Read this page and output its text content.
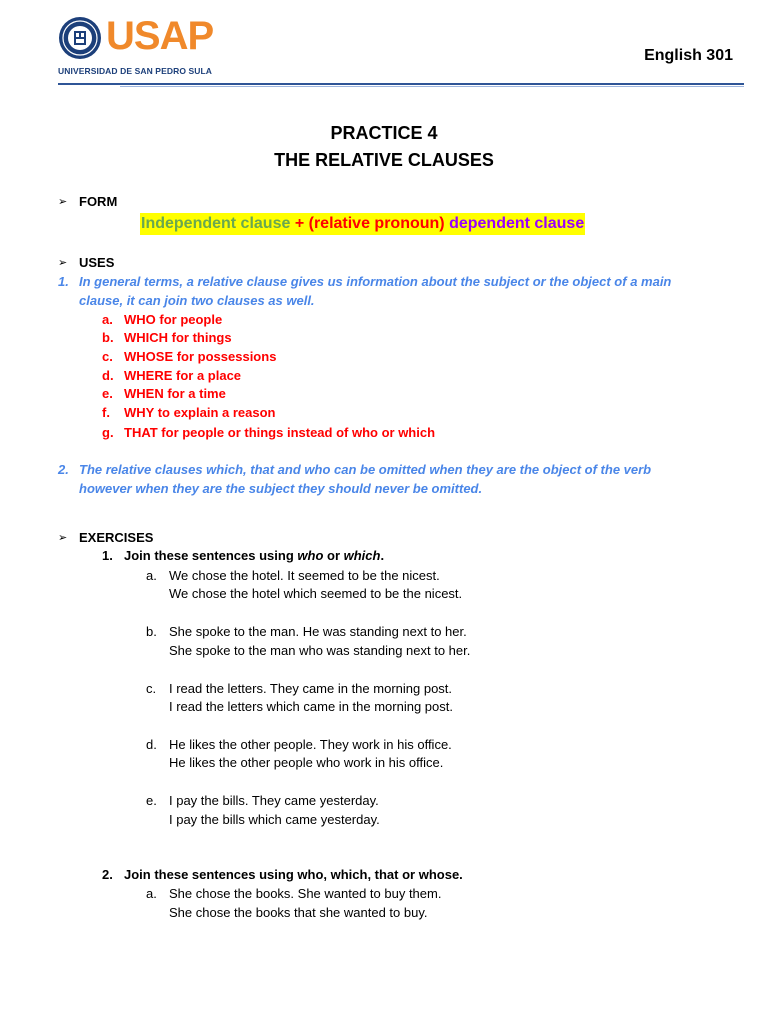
USAP
UNIVERSIDAD DE SAN PEDRO SULA
English 301
PRACTICE 4
THE RELATIVE CLAUSES
➢ FORM
Independent clause + (relative pronoun) dependent clause
➢ USES
1. In general terms, a relative clause gives us information about the subject or the object of a main
clause, it can join two clauses as well.
a. WHO for people
b. WHICH for things
c. WHOSE for possessions
d. WHERE for a place
e. WHEN for a time
f. WHY to explain a reason
g. THAT for people or things instead of who or which
2. The relative clauses which, that and who can be omitted when they are the object of the verb
however when they are the subject they should never be omitted.
➢ EXERCISES
1. Join these sentences using who or which.
a. We chose the hotel. It seemed to be the nicest.
We chose the hotel which seemed to be the nicest.
b. She spoke to the man. He was standing next to her.
She spoke to the man who was standing next to her.
c. I read the letters. They came in the morning post.
I read the letters which came in the morning post.
d. He likes the other people. They work in his office.
He likes the other people who work in his office.
e. I pay the bills. They came yesterday.
I pay the bills which came yesterday.
2. Join these sentences using who, which, that or whose.
a. She chose the books. She wanted to buy them.
She chose the books that she wanted to buy.
